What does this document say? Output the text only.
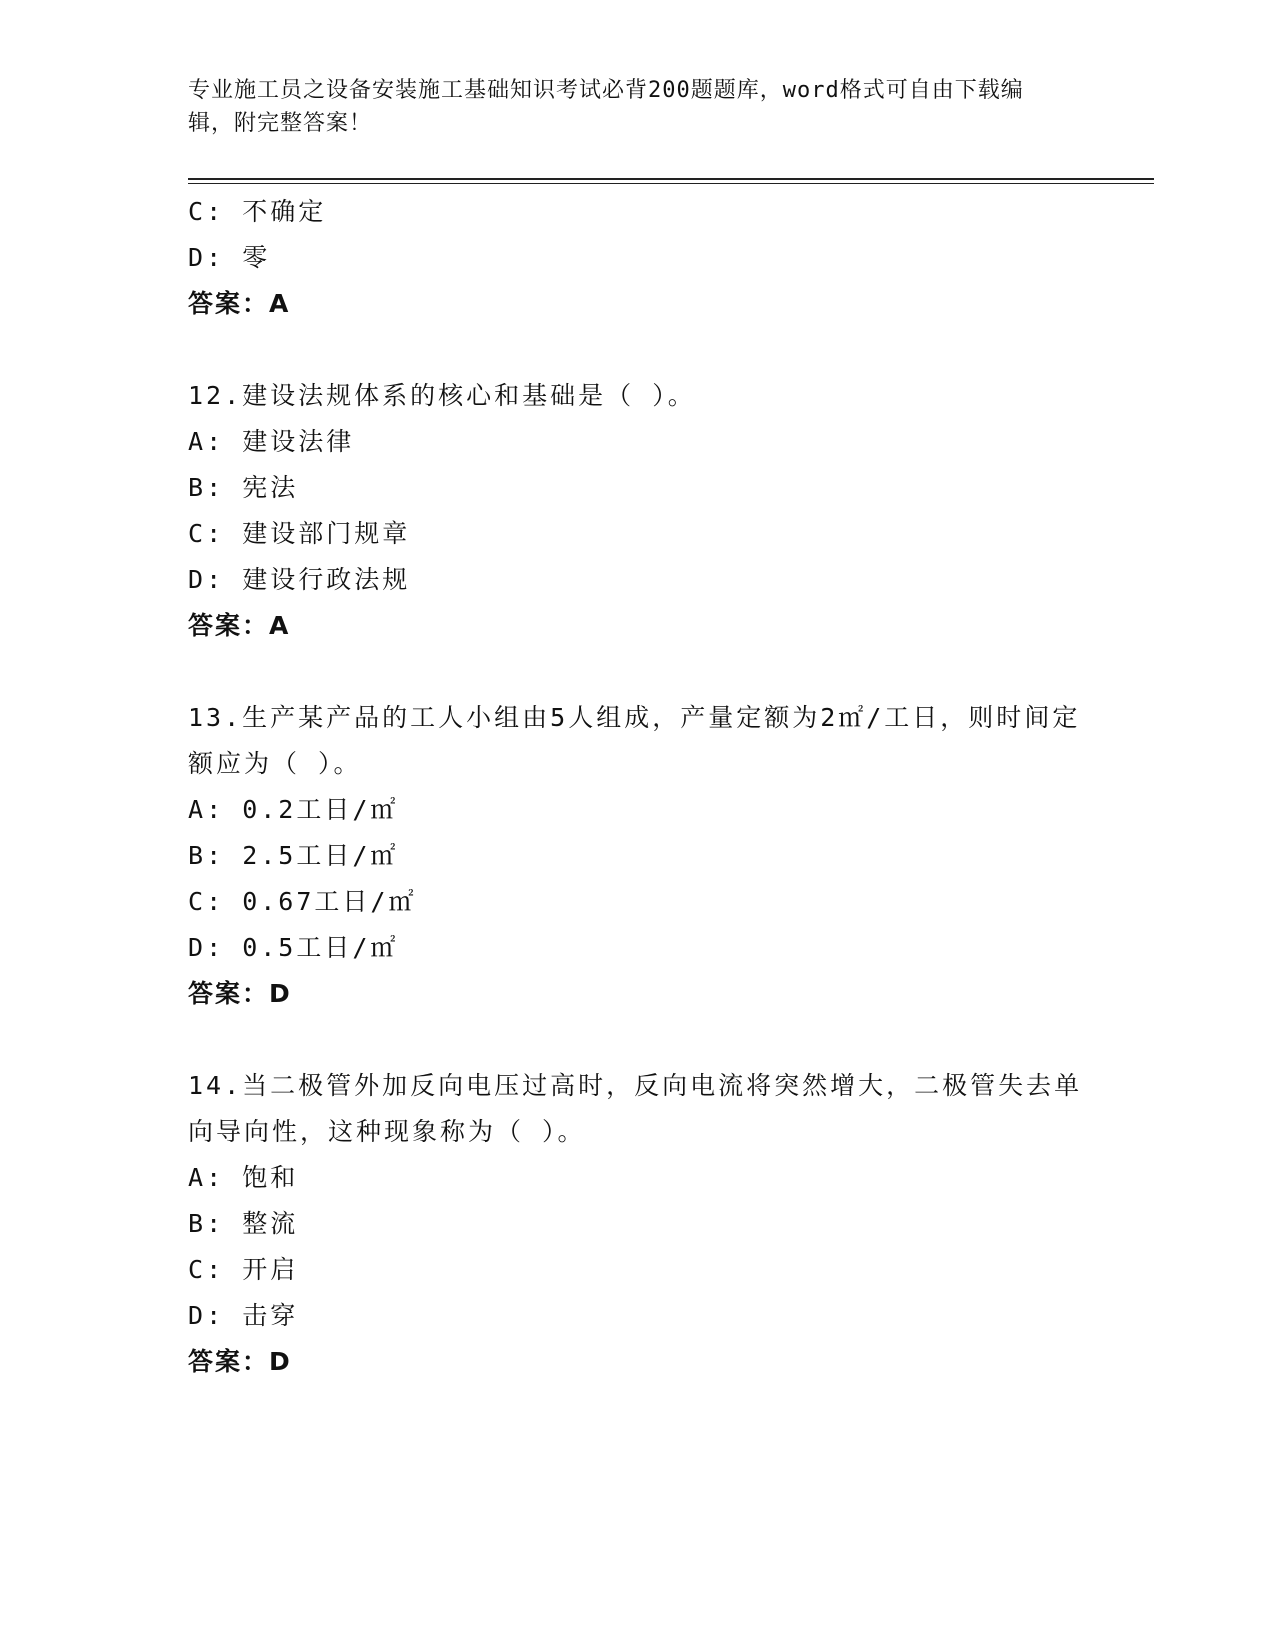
专业施工员之设备安装施工基础知识考试必背200题题库，word格式可自由下载编辑，附完整答案！
C: 不确定
D: 零
答案：A
12.建设法规体系的核心和基础是（ ）。
A: 建设法律
B: 宪法
C: 建设部门规章
D: 建设行政法规
答案：A
13.生产某产品的工人小组由5人组成，产量定额为2㎡/工日，则时间定额应为（ ）。
A: 0.2工日/㎡
B: 2.5工日/㎡
C: 0.67工日/㎡
D: 0.5工日/㎡
答案：D
14.当二极管外加反向电压过高时，反向电流将突然增大，二极管失去单向导向性，这种现象称为（ ）。
A: 饱和
B: 整流
C: 开启
D: 击穿
答案：D
